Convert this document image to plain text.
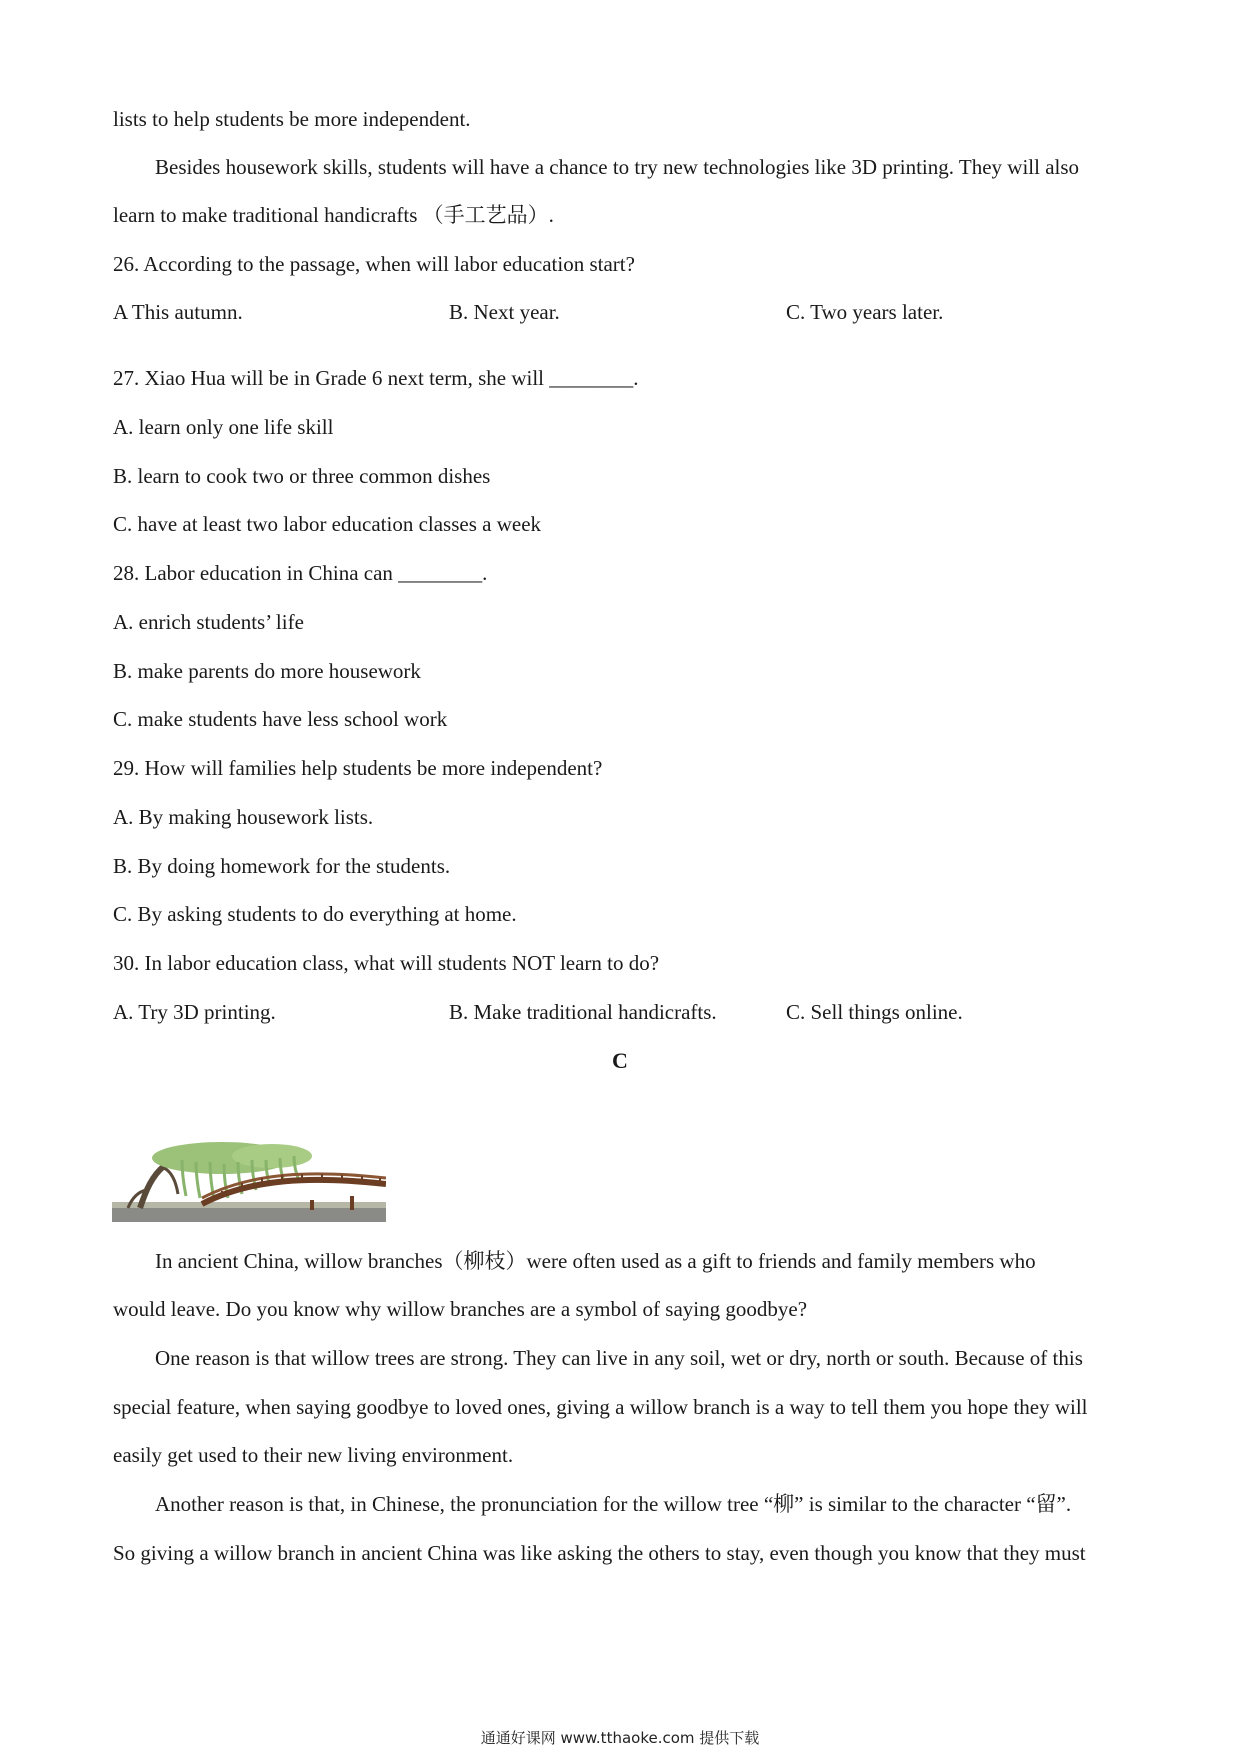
lists to help students be more independent.
Besides housework skills, students will have a chance to try new technologies like 3D printing. They will also
learn to make traditional handicrafts （手工艺品）.
26. According to the passage, when will labor education start?
A This autumn.	B. Next year.	C. Two years later.
27. Xiao Hua will be in Grade 6 next term, she will ________.
A. learn only one life skill
B. learn to cook two or three common dishes
C. have at least two labor education classes a week
28. Labor education in China can ________.
A. enrich students’ life
B. make parents do more housework
C. make students have less school work
29. How will families help students be more independent?
A. By making housework lists.
B. By doing homework for the students.
C. By asking students to do everything at home.
30. In labor education class, what will students NOT learn to do?
A. Try 3D printing.	B. Make traditional handicrafts.	C. Sell things online.
C
In ancient China, willow branches（柳枝）were often used as a gift to friends and family members who
would leave. Do you know why willow branches are a symbol of saying goodbye?
One reason is that willow trees are strong. They can live in any soil, wet or dry, north or south. Because of this
special feature, when saying goodbye to loved ones, giving a willow branch is a way to tell them you hope they will
easily get used to their new living environment.
Another reason is that, in Chinese, the pronunciation for the willow tree “柳” is similar to the character “留”.
So giving a willow branch in ancient China was like asking the others to stay, even though you know that they must
通通好课网 www.tthaoke.com 提供下载
